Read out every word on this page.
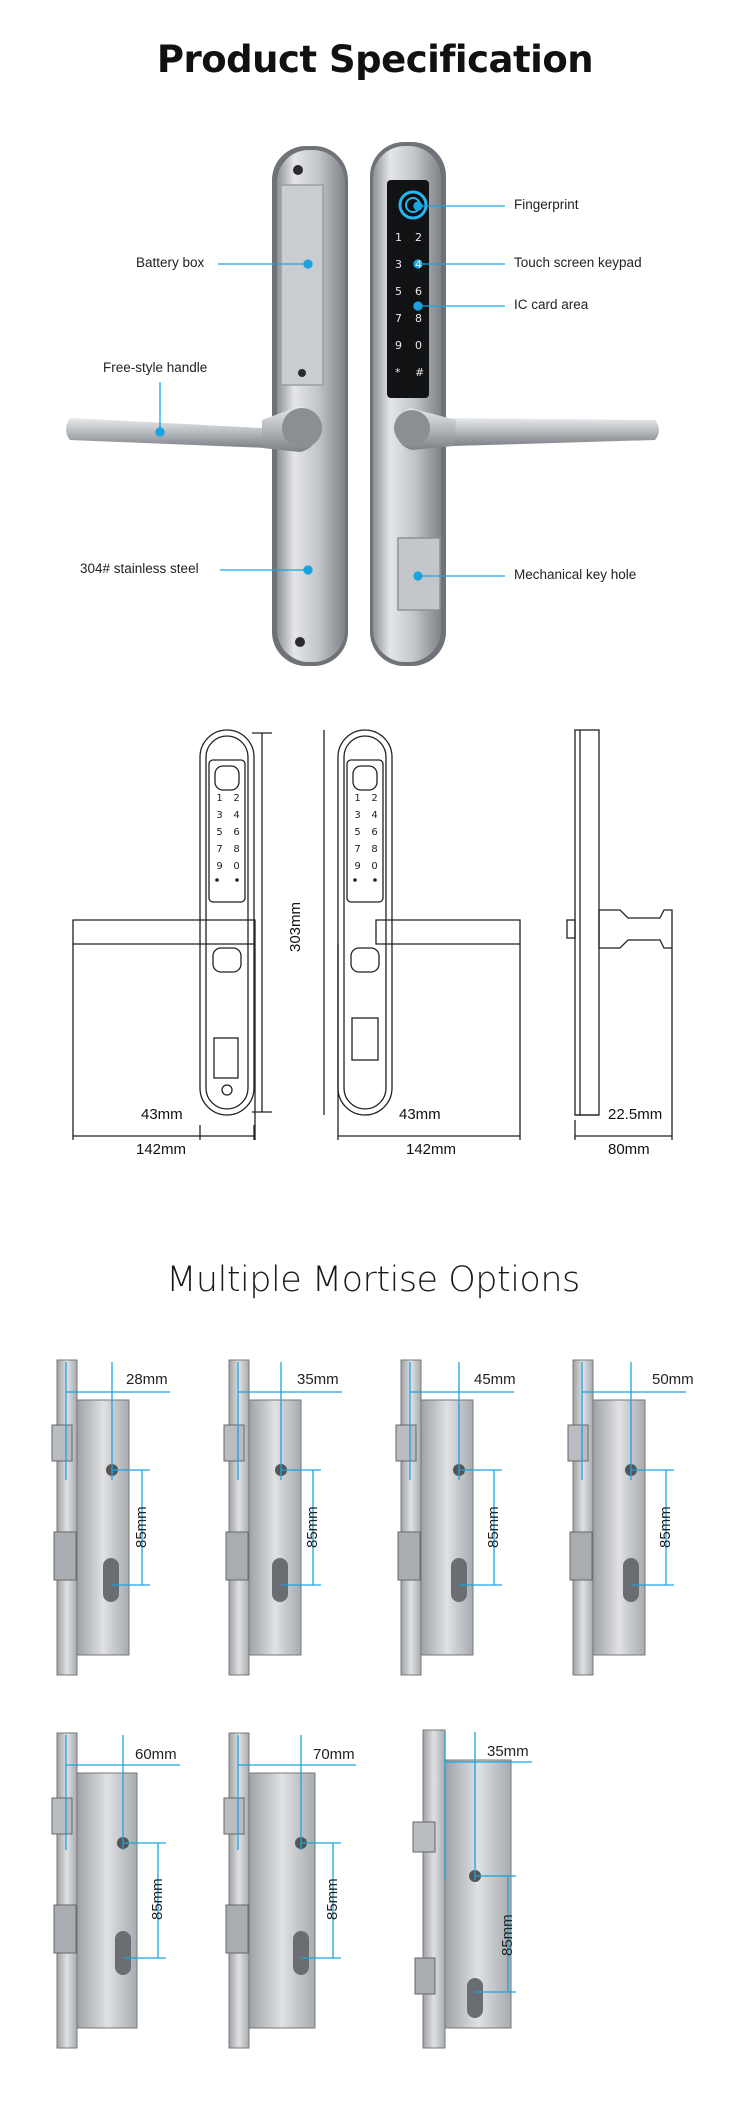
Product Specification
1	2
3	4
5	6
7	8
9	0
*	#
1	2
3	4
5	6
7	8
9	0
1	2
3	4
5	6
7	8
9	0
Fingerprint
Touch screen keypad
IC card area
Mechanical key hole
Battery box
Free-style handle
304# stainless steel
303mm
43mm
142mm
43mm
142mm
22.5mm
80mm
Multiple Mortise Options
28mm
85mm
35mm
85mm
45mm
85mm
50mm
85mm
60mm
85mm
70mm
85mm
35mm
85mm
